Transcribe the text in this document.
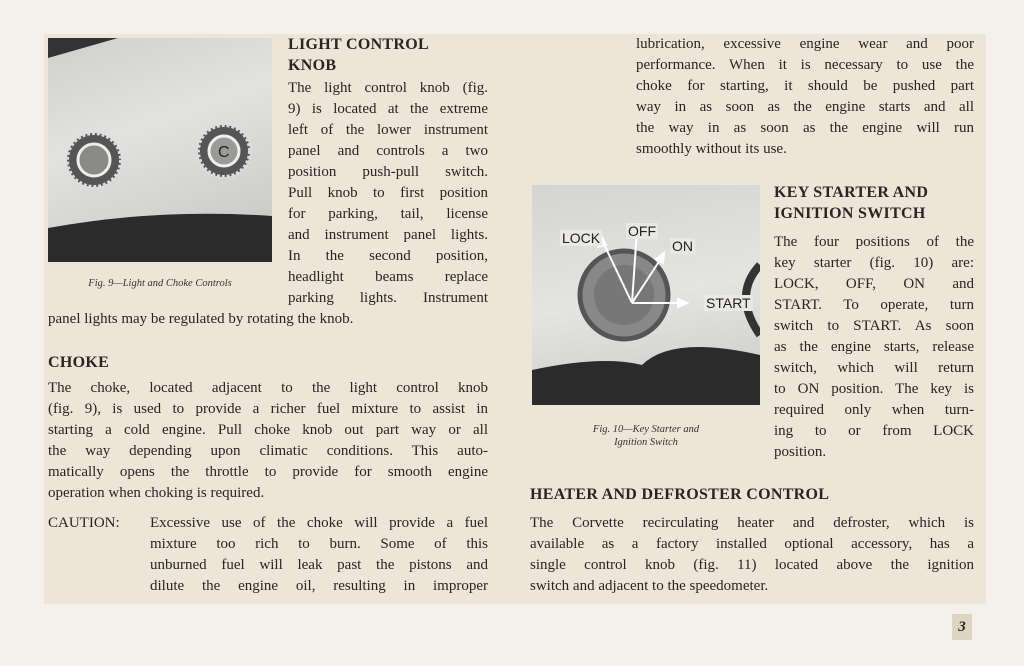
C
Fig. 9—Light and Choke Controls
LIGHT CONTROL
KNOB
The light control knob (fig.
9) is located at the extreme
left of the lower instrument
panel and controls a two
position push-pull switch.
Pull knob to first position
for parking, tail, license
and instrument panel lights.
In the second position,
headlight beams replace
parking lights. Instrument
panel lights may be regulated by rotating the knob.
CHOKE
The choke, located adjacent to the light control knob
(fig. 9), is used to provide a richer fuel mixture to assist in
starting a cold engine. Pull choke knob out part way or all
the way depending upon climatic conditions. This auto-
matically opens the throttle to provide for smooth engine
operation when choking is required.
CAUTION: Excessive use of the choke will provide a fuel
mixture too rich to burn. Some of this
unburned fuel will leak past the pistons and
dilute the engine oil, resulting in improper
lubrication, excessive engine wear and poor
performance. When it is necessary to use the
choke for starting, it should be pushed part
way in as soon as the engine starts and all
the way in as soon as the engine will run
smoothly without its use.
LOCK OFF
ON
START
Fig. 10—Key Starter and
Ignition Switch
KEY STARTER AND
IGNITION SWITCH
The four positions of the
key starter (fig. 10) are:
LOCK, OFF, ON and
START. To operate, turn
switch to START. As soon
as the engine starts, release
switch, which will return
to ON position. The key is
required only when turn-
ing to or from LOCK
position.
HEATER AND DEFROSTER CONTROL
The Corvette recirculating heater and defroster, which is
available as a factory installed optional accessory, has a
single control knob (fig. 11) located above the ignition
switch and adjacent to the speedometer.
3
